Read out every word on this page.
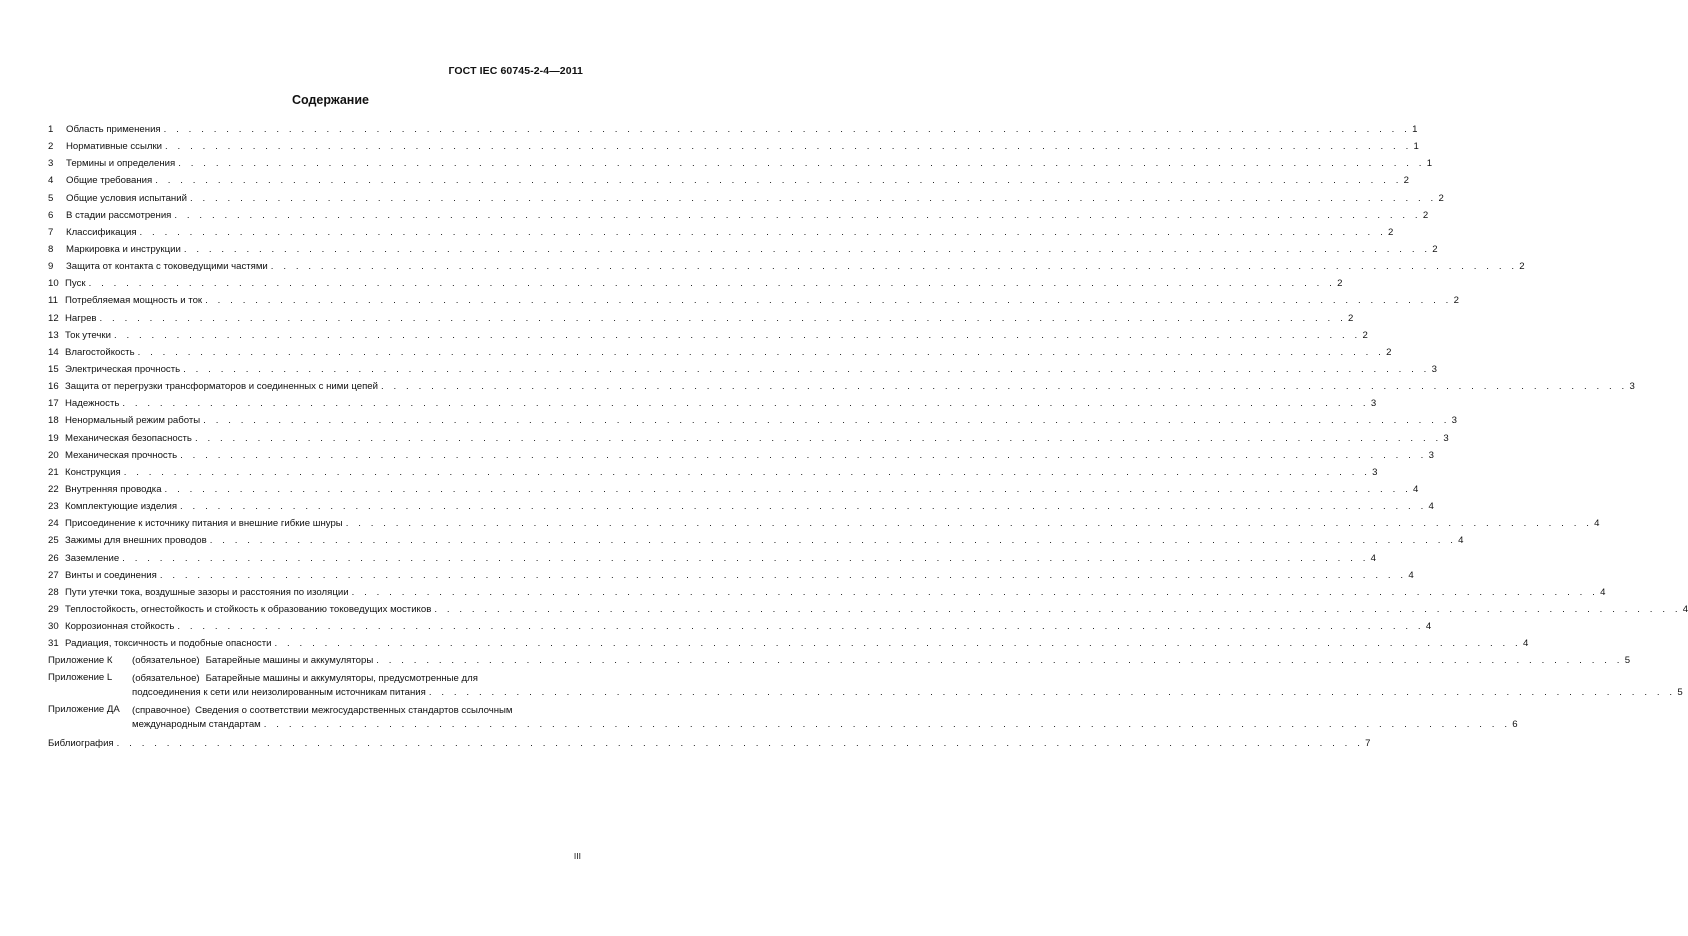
ГОСТ IEC 60745-2-4—2011
Содержание
1	Область применения . . .	1
2	Нормативные ссылки . . .	1
3	Термины и определения . . .	1
4	Общие требования . . .	2
5	Общие условия испытаний . . .	2
6	В стадии рассмотрения . . .	2
7	Классификация . . .	2
8	Маркировка и инструкции . . .	2
9	Защита от контакта с токоведущими частями . . .	2
10 Пуск . . .	2
11 Потребляемая мощность и ток . . .	2
12 Нагрев . . .	2
13 Ток утечки . . .	2
14 Влагостойкость . . .	2
15 Электрическая прочность . . .	3
16 Защита от перегрузки трансформаторов и соединенных с ними цепей . . .	3
17 Надежность . . .	3
18 Ненормальный режим работы . . .	3
19 Механическая безопасность . . .	3
20 Механическая прочность . . .	3
21 Конструкция . . .	3
22 Внутренняя проводка . . .	4
23 Комплектующие изделия . . .	4
24 Присоединение к источнику питания и внешние гибкие шнуры . . .	4
25 Зажимы для внешних проводов . . .	4
26 Заземление . . .	4
27 Винты и соединения . . .	4
28 Пути утечки тока, воздушные зазоры и расстояния по изоляции . . .	4
29 Теплостойкость, огнестойкость и стойкость к образованию токоведущих мостиков . . .	4
30 Коррозионная стойкость . . .	4
31 Радиация, токсичность и подобные опасности . . .	4
Приложение К	(обязательное) Батарейные машины и аккумуляторы . . .	5
Приложение L	(обязательное) Батарейные машины и аккумуляторы, предусмотренные для
подсоединения к сети или неизолированным источникам питания . . .	5
Приложение ДА	(справочное) Сведения о соответствии межгосударственных стандартов ссылочным
международным стандартам . . .	6
Библиография . . .	7
III
